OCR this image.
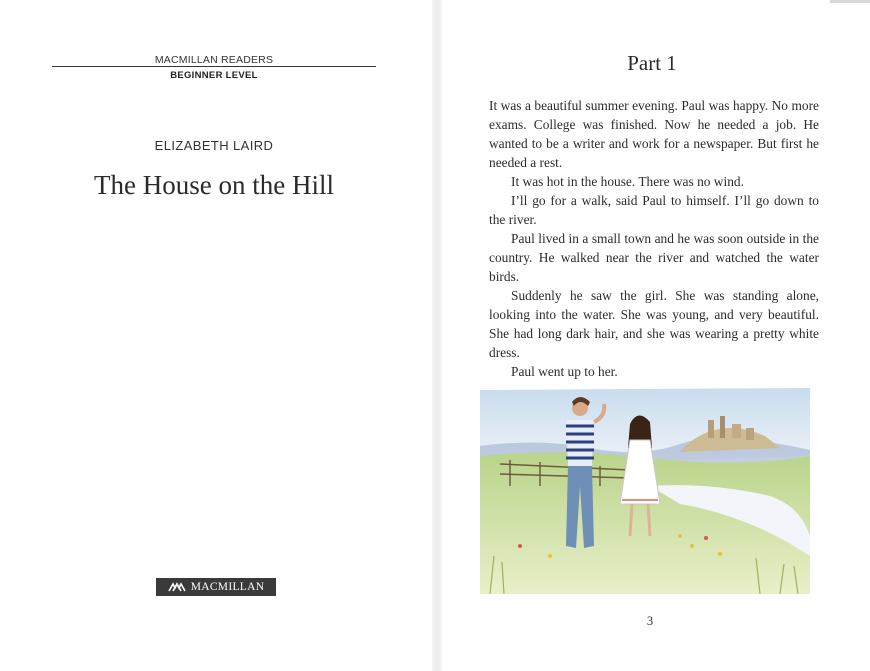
MACMILLAN READERS
BEGINNER LEVEL
ELIZABETH LAIRD
The House on the Hill
MACMILLAN
Part 1

It was a beautiful summer evening. Paul was happy. No more exams. College was finished. Now he needed a job. He wanted to be a writer and work for a newspaper. But first he needed a rest.

It was hot in the house. There was no wind.

I’ll go for a walk, said Paul to himself. I’ll go down to the river.

Paul lived in a small town and he was soon outside in the country. He walked near the river and watched the water birds.

Suddenly he saw the girl. She was standing alone, looking into the water. She was young, and very beautiful. She had long dark hair, and she was wearing a pretty white dress.

Paul went up to her.

3
